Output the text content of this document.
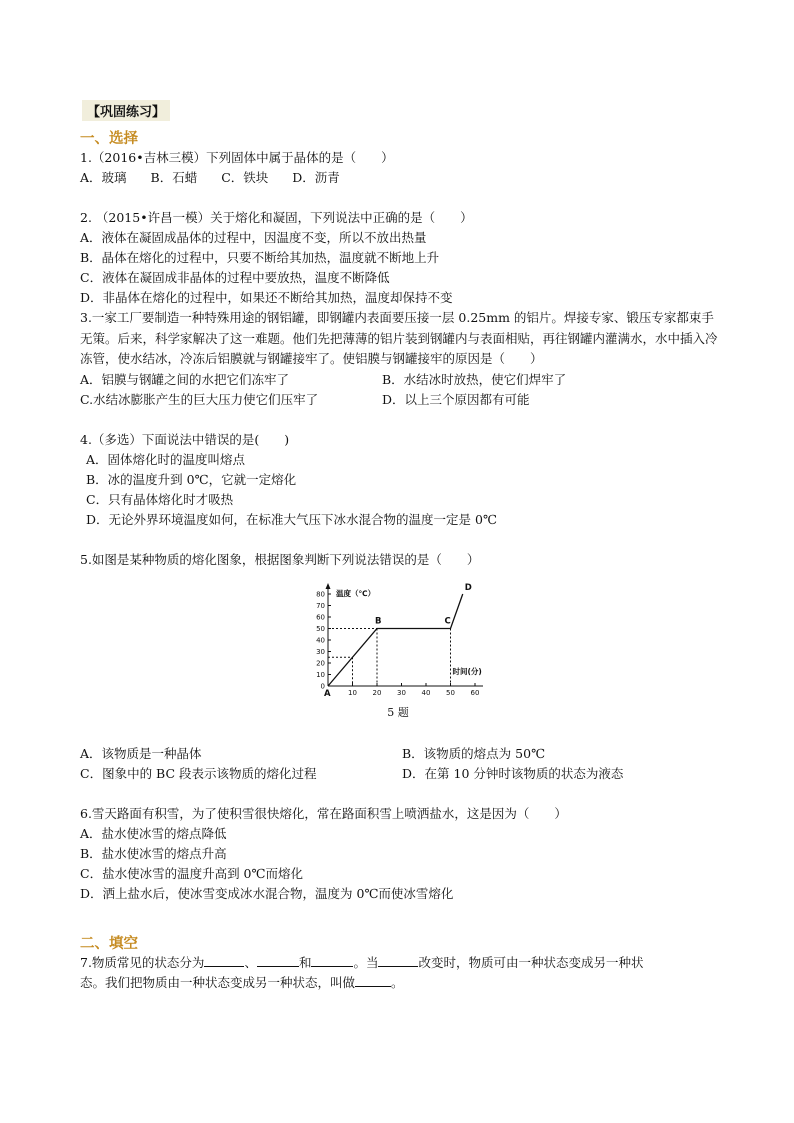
【巩固练习】
一、选择
1.（2016•吉林三模）下列固体中属于晶体的是（　　）
A．玻璃 B．石蜡 C．铁块 D．沥青
2. （2015•许昌一模）关于熔化和凝固，下列说法中正确的是（　　）
A．液体在凝固成晶体的过程中，因温度不变，所以不放出热量
B．晶体在熔化的过程中，只要不断给其加热，温度就不断地上升
C．液体在凝固成非晶体的过程中要放热，温度不断降低
D．非晶体在熔化的过程中，如果还不断给其加热，温度却保持不变
3.一家工厂要制造一种特殊用途的钢铝罐，即钢罐内表面要压接一层 0.25mm 的铝片。焊接专家、锻压专家都束手无策。后来，科学家解决了这一难题。他们先把薄薄的铝片装到钢罐内与表面相贴，再往钢罐内灌满水，水中插入冷冻管，使水结冰，冷冻后铝膜就与钢罐接牢了。使铝膜与钢罐接牢的原因是（　　）
A．铝膜与钢罐之间的水把它们冻牢了	B．水结冰时放热，使它们焊牢了
C.水结冰膨胀产生的巨大压力使它们压牢了	D．以上三个原因都有可能
4.（多选）下面说法中错误的是(　　)
A．固体熔化时的温度叫熔点
B．冰的温度升到 0℃，它就一定熔化
C．只有晶体熔化时才吸热
D．无论外界环境温度如何，在标准大气压下冰水混合物的温度一定是 0℃
5.如图是某种物质的熔化图象，根据图象判断下列说法错误的是（　　）
0
10
20
30
40
50
60
70
80
10 20 30 40 50 60
A
B	C
D
温度（℃）
时间(分)
5 题
A．该物质是一种晶体	B．该物质的熔点为 50℃
C．图象中的 BC 段表示该物质的熔化过程	D．在第 10 分钟时该物质的状态为液态
6.雪天路面有积雪，为了使积雪很快熔化，常在路面积雪上喷洒盐水，这是因为（　　）
A．盐水使冰雪的熔点降低
B．盐水使冰雪的熔点升高
C．盐水使冰雪的温度升高到 0℃而熔化
D．洒上盐水后，使冰雪变成冰水混合物，温度为 0℃而使冰雪熔化
二、填空
7.物质常见的状态分为	、	和	。当	改变时，物质可由一种状态变成另一种状
态。我们把物质由一种状态变成另一种状态，叫做	。
